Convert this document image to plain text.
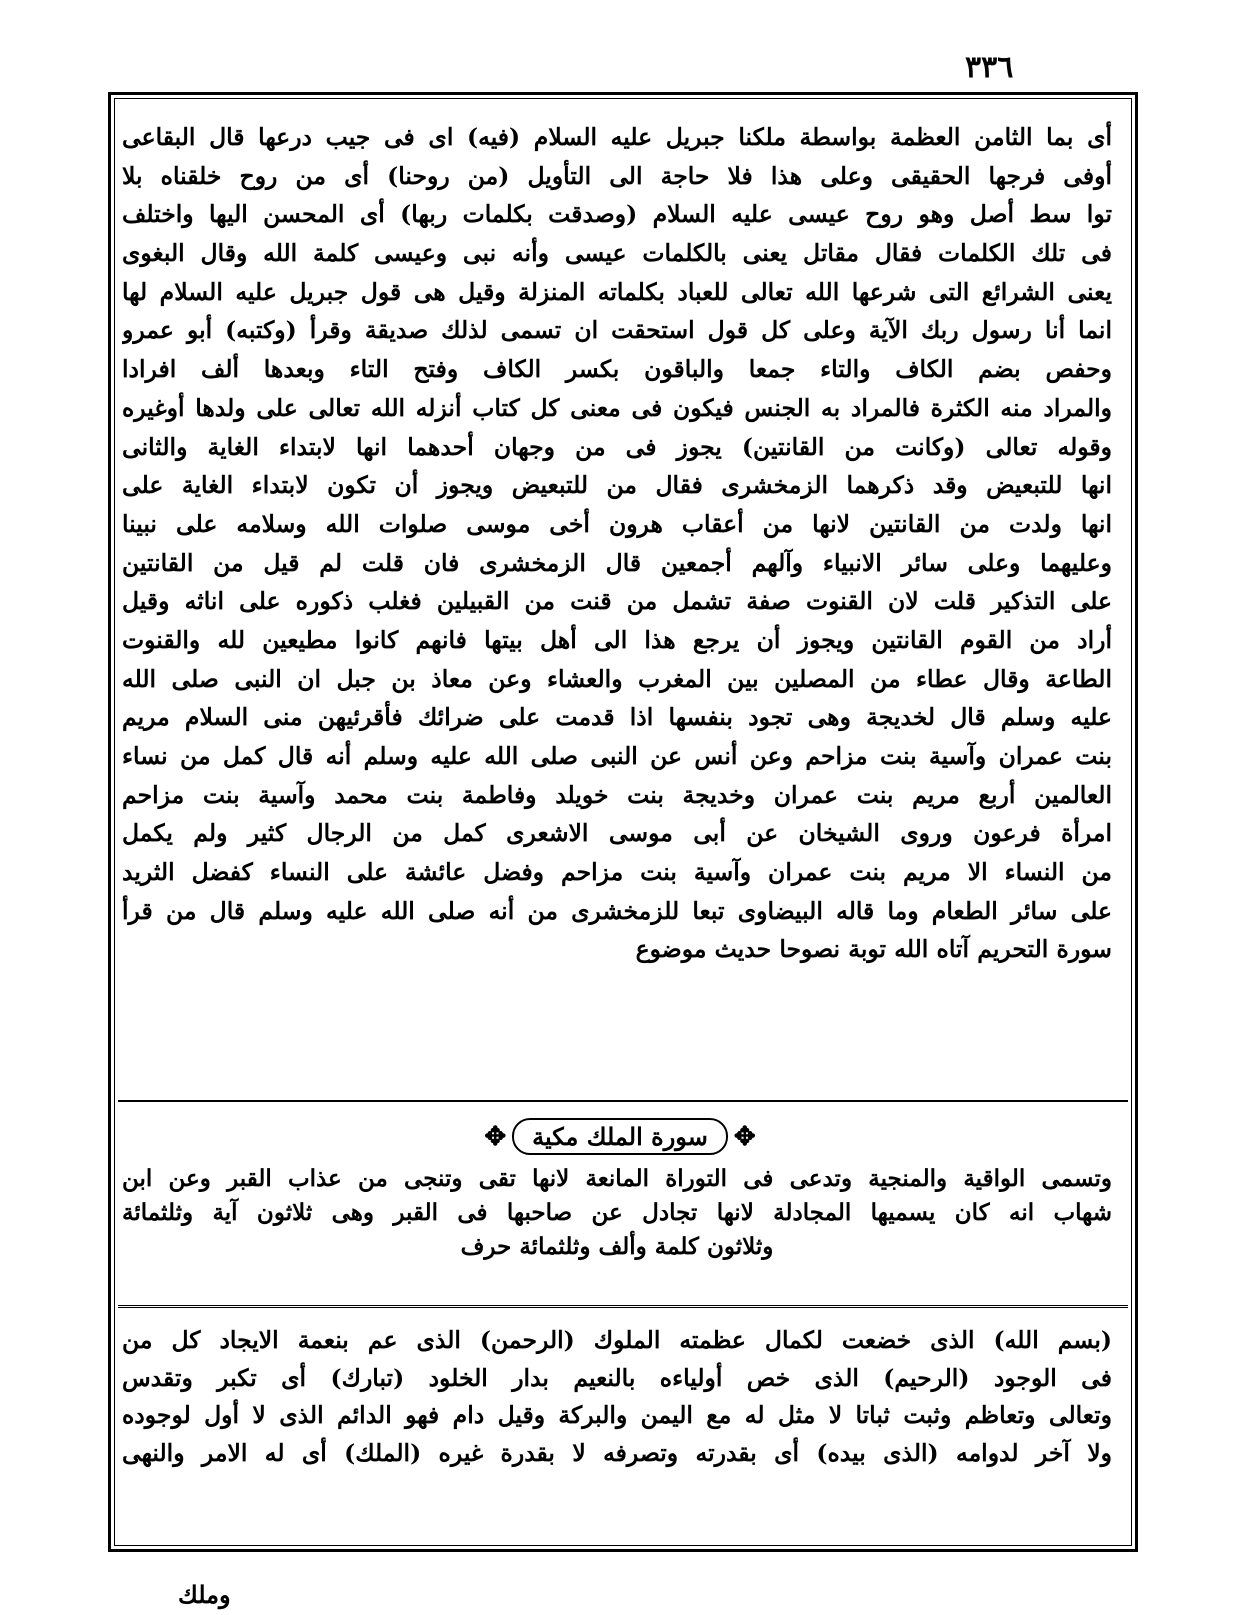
٣٣٦
أى بما الثامن العظمة بواسطة ملكنا جبريل عليه السلام (فيه) اى فى جيب درعها قال البقاعى
أوفى فرجها الحقيقى وعلى هذا فلا حاجة الى التأويل (من روحنا) أى من روح خلقناه بلا
توا سط أصل وهو روح عيسى عليه السلام (وصدقت بكلمات ربها) أى المحسن اليها واختلف
فى تلك الكلمات فقال مقاتل يعنى بالكلمات عيسى وأنه نبى وعيسى كلمة الله وقال البغوى
يعنى الشرائع التى شرعها الله تعالى للعباد بكلماته المنزلة وقيل هى قول جبريل عليه السلام لها
انما أنا رسول ربك الآية وعلى كل قول استحقت ان تسمى لذلك صديقة وقرأ (وكتبه) أبو عمرو
وحفص بضم الكاف والتاء جمعا والباقون بكسر الكاف وفتح التاء وبعدها ألف افرادا
والمراد منه الكثرة فالمراد به الجنس فيكون فى معنى كل كتاب أنزله الله تعالى على ولدها أوغيره
وقوله تعالى (وكانت من القانتين) يجوز فى من وجهان أحدهما انها لابتداء الغاية والثانى
انها للتبعيض وقد ذكرهما الزمخشرى فقال من للتبعيض ويجوز أن تكون لابتداء الغاية على
انها ولدت من القانتين لانها من أعقاب هرون أخى موسى صلوات الله وسلامه على نبينا
وعليهما وعلى سائر الانبياء وآلهم أجمعين قال الزمخشرى فان قلت لم قيل من القانتين
على التذكير قلت لان القنوت صفة تشمل من قنت من القبيلين فغلب ذكوره على اناثه وقيل
أراد من القوم القانتين ويجوز أن يرجع هذا الى أهل بيتها فانهم كانوا مطيعين لله والقنوت
الطاعة وقال عطاء من المصلين بين المغرب والعشاء وعن معاذ بن جبل ان النبى صلى الله
عليه وسلم قال لخديجة وهى تجود بنفسها اذا قدمت على ضرائك فأقرئيهن منى السلام مريم
بنت عمران وآسية بنت مزاحم وعن أنس عن النبى صلى الله عليه وسلم أنه قال كمل من نساء
العالمين أربع مريم بنت عمران وخديجة بنت خويلد وفاطمة بنت محمد وآسية بنت مزاحم
امرأة فرعون وروى الشيخان عن أبى موسى الاشعرى كمل من الرجال كثير ولم يكمل
من النساء الا مريم بنت عمران وآسية بنت مزاحم وفضل عائشة على النساء كفضل الثريد
على سائر الطعام وما قاله البيضاوى تبعا للزمخشرى من أنه صلى الله عليه وسلم قال من قرأ
سورة التحريم آتاه الله توبة نصوحا حديث موضوع
✥سورة الملك مكية✥
وتسمى الواقية والمنجية وتدعى فى التوراة المانعة لانها تقى وتنجى من عذاب القبر وعن ابن
شهاب انه كان يسميها المجادلة لانها تجادل عن صاحبها فى القبر وهى ثلاثون آية وثلثمائة
وثلاثون كلمة وألف وثلثمائة حرف
(بسم الله) الذى خضعت لكمال عظمته الملوك (الرحمن) الذى عم بنعمة الايجاد كل من
فى الوجود (الرحيم) الذى خص أولياءه بالنعيم بدار الخلود (تبارك) أى تكبر وتقدس
وتعالى وتعاظم وثبت ثباتا لا مثل له مع اليمن والبركة وقيل دام فهو الدائم الذى لا أول لوجوده
ولا آخر لدوامه (الذى بيده) أى بقدرته وتصرفه لا بقدرة غيره (الملك) أى له الامر والنهى
وملك
